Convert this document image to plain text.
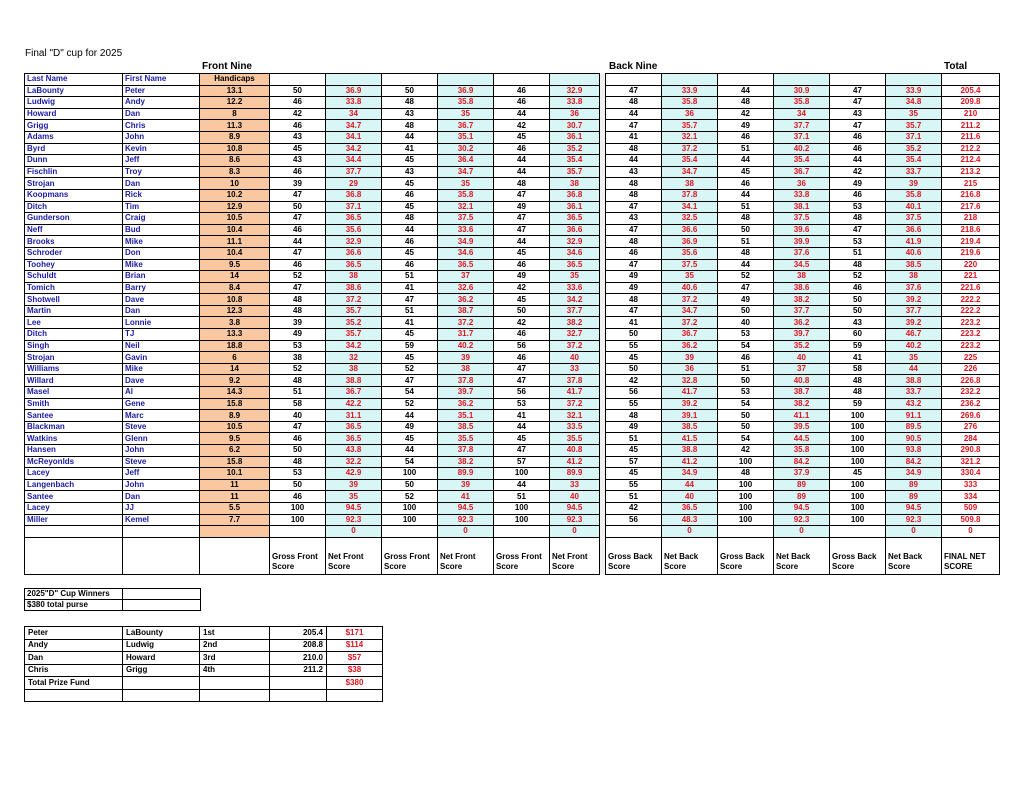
Final "D" cup for 2025
Front Nine	Back Nine	Total
Last Name	First Name	Handicaps															
LaBounty	Peter	13.1	50	36.9	50	36.9	46	32.9		47	33.9	44	30.9	47	33.9	205.4	
Ludwig	Andy	12.2	46	33.8	48	35.8	46	33.8		48	35.8	48	35.8	47	34.8	209.8	
Howard	Dan	8	42	34	43	35	44	36		44	36	42	34	43	35	210	
Grigg	Chris	11.3	46	34.7	48	36.7	42	30.7		47	35.7	49	37.7	47	35.7	211.2	
Adams	John	8.9	43	34.1	44	35.1	45	36.1		41	32.1	46	37.1	46	37.1	211.6	
Byrd	Kevin	10.8	45	34.2	41	30.2	46	35.2		48	37.2	51	40.2	46	35.2	212.2	
Dunn	Jeff	8.6	43	34.4	45	36.4	44	35.4		44	35.4	44	35.4	44	35.4	212.4	
Fischlin	Troy	8.3	46	37.7	43	34.7	44	35.7		43	34.7	45	36.7	42	33.7	213.2	
Strojan	Dan	10	39	29	45	35	48	38		48	38	46	36	49	39	215	
Koopmans	Rick	10.2	47	36.8	46	35.8	47	36.8		48	37.8	44	33.8	46	35.8	216.8	
Ditch	Tim	12.9	50	37.1	45	32.1	49	36.1		47	34.1	51	38.1	53	40.1	217.6	
Gunderson	Craig	10.5	47	36.5	48	37.5	47	36.5		43	32.5	48	37.5	48	37.5	218	
Neff	Bud	10.4	46	35.6	44	33.6	47	36.6		47	36.6	50	39.6	47	36.6	218.6	
Brooks	Mike	11.1	44	32.9	46	34.9	44	32.9		48	36.9	51	39.9	53	41.9	219.4	
Schroder	Don	10.4	47	36.6	45	34.6	45	34.6		46	35.6	48	37.6	51	40.6	219.6	
Toohey	Mike	9.5	46	36.5	46	36.5	46	36.5		47	37.5	44	34.5	48	38.5	220	
Schuldt	Brian	14	52	38	51	37	49	35		49	35	52	38	52	38	221	
Tomich	Barry	8.4	47	38.6	41	32.6	42	33.6		49	40.6	47	38.6	46	37.6	221.6	
Shotwell	Dave	10.8	48	37.2	47	36.2	45	34.2		48	37.2	49	38.2	50	39.2	222.2	
Martin	Dan	12.3	48	35.7	51	38.7	50	37.7		47	34.7	50	37.7	50	37.7	222.2	
Lee	Lonnie	3.8	39	35.2	41	37.2	42	38.2		41	37.2	40	36.2	43	39.2	223.2	
Ditch	TJ	13.3	49	35.7	45	31.7	46	32.7		50	36.7	53	39.7	60	46.7	223.2	
Singh	Neil	18.8	53	34.2	59	40.2	56	37.2		55	36.2	54	35.2	59	40.2	223.2	
Strojan	Gavin	6	38	32	45	39	46	40		45	39	46	40	41	35	225	
Williams	Mike	14	52	38	52	38	47	33		50	36	51	37	58	44	226	
Willard	Dave	9.2	48	38.8	47	37.8	47	37.8		42	32.8	50	40.8	48	38.8	226.8	
Masel	Al	14.3	51	36.7	54	39.7	56	41.7		56	41.7	53	38.7	48	33.7	232.2	
Smith	Gene	15.8	58	42.2	52	36.2	53	37.2		55	39.2	54	38.2	59	43.2	236.2	
Santee	Marc	8.9	40	31.1	44	35.1	41	32.1		48	39.1	50	41.1	100	91.1	269.6	
Blackman	Steve	10.5	47	36.5	49	38.5	44	33.5		49	38.5	50	39.5	100	89.5	276	
Watkins	Glenn	9.5	46	36.5	45	35.5	45	35.5		51	41.5	54	44.5	100	90.5	284	
Hansen	John	6.2	50	43.8	44	37.8	47	40.8		45	38.8	42	35.8	100	93.8	290.8	
McReyonlds	Steve	15.8	48	32.2	54	38.2	57	41.2		57	41.2	100	84.2	100	84.2	321.2	
Lacey	Jeff	10.1	53	42.9	100	89.9	100	89.9		45	34.9	48	37.9	45	34.9	330.4	
Langenbach	John	11	50	39	50	39	44	33		55	44	100	89	100	89	333	
Santee	Dan	11	46	35	52	41	51	40		51	40	100	89	100	89	334	
Lacey	JJ	5.5	100	94.5	100	94.5	100	94.5		42	36.5	100	94.5	100	94.5	509	
Miller	Kemel	7.7	100	92.3	100	92.3	100	92.3		56	48.3	100	92.3	100	92.3	509.8	
				0		0		0			0		0		0	0	
			Gross Front Score	Net Front Score	Gross Front Score	Net Front Score	Gross Front Score	Net Front Score		Gross Back Score	Net Back Score	Gross Back Score	Net Back Score	Gross Back Score	Net Back Score	FINAL NET SCORE	
2025"D" Cup Winners	
$380 total purse	
Peter	LaBounty	1st	205.4	$171
Andy	Ludwig	2nd	208.8	$114
Dan	Howard	3rd	210.0	$57
Chris	Grigg	4th	211.2	$38
Total Prize Fund				$380
